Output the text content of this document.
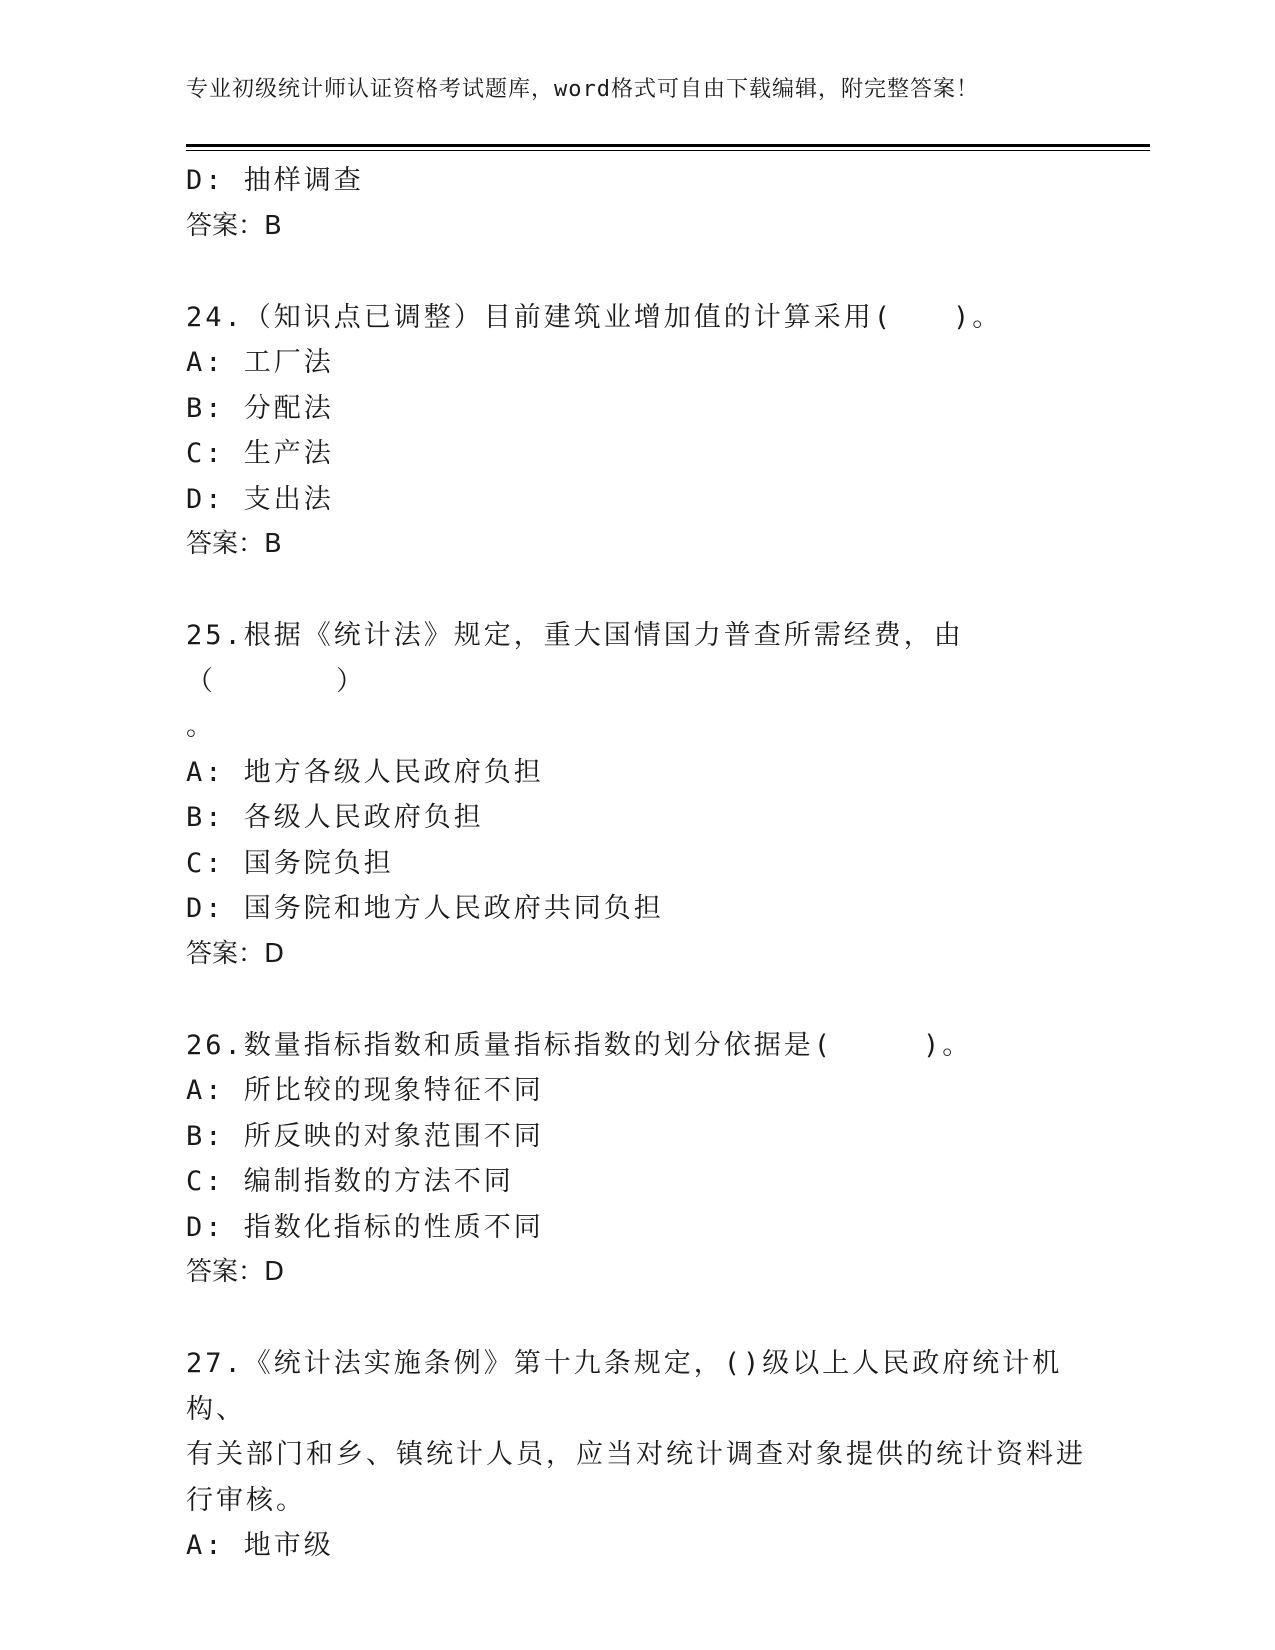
专业初级统计师认证资格考试题库，word格式可自由下载编辑，附完整答案！
D: 抽样调查
答案：B
24.（知识点已调整）目前建筑业增加值的计算采用(　　)。
A: 工厂法
B: 分配法
C: 生产法
D: 支出法
答案：B
25.根据《统计法》规定，重大国情国力普查所需经费，由（　　　　）
。
A: 地方各级人民政府负担
B: 各级人民政府负担
C: 国务院负担
D: 国务院和地方人民政府共同负担
答案：D
26.数量指标指数和质量指标指数的划分依据是(　　　)。
A: 所比较的现象特征不同
B: 所反映的对象范围不同
C: 编制指数的方法不同
D: 指数化指标的性质不同
答案：D
27.《统计法实施条例》第十九条规定，()级以上人民政府统计机构、
有关部门和乡、镇统计人员，应当对统计调查对象提供的统计资料进
行审核。
A: 地市级
